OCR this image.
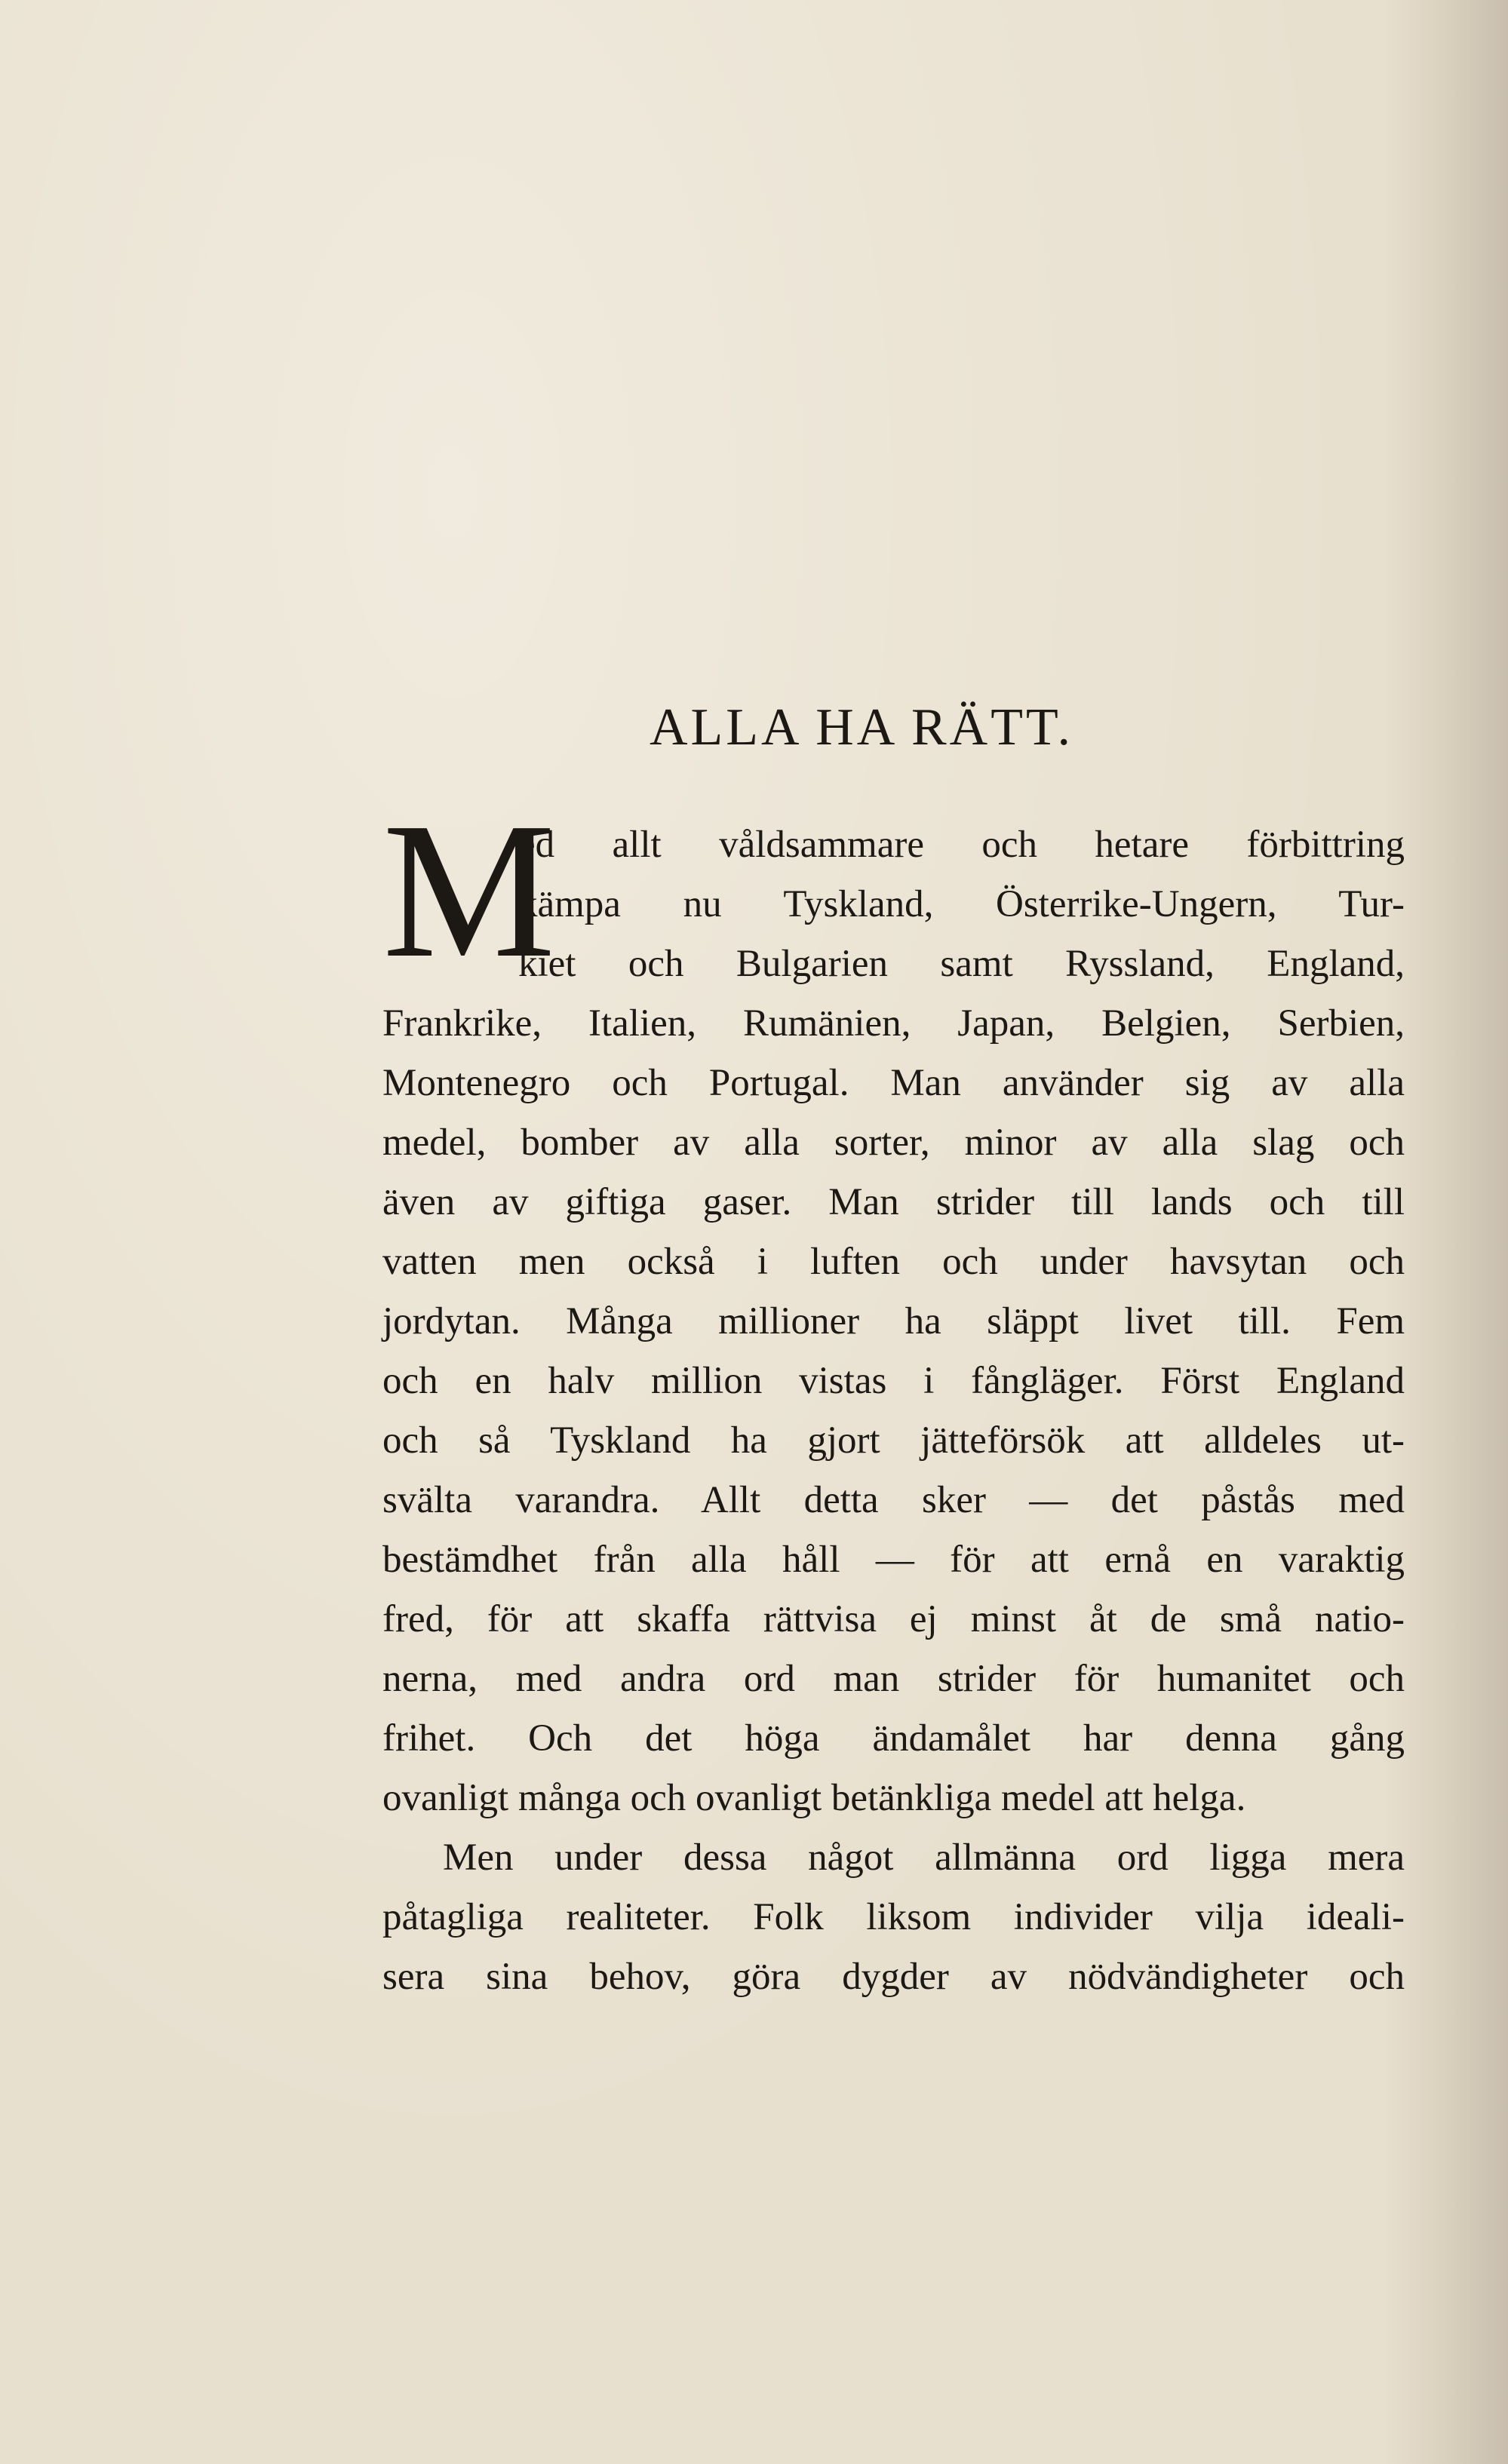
ALLA HA RÄTT.
M
ed allt våldsammare och hetare förbittring
kämpa nu Tyskland, Österrike-Ungern, Tur-
kiet och Bulgarien samt Ryssland, England,
Frankrike, Italien, Rumänien, Japan, Belgien, Serbien,
Montenegro och Portugal. Man använder sig av alla
medel, bomber av alla sorter, minor av alla slag och
även av giftiga gaser. Man strider till lands och till
vatten men också i luften och under havsytan och
jordytan. Många millioner ha släppt livet till. Fem
och en halv million vistas i fångläger. Först England
och så Tyskland ha gjort jätteförsök att alldeles ut-
svälta varandra. Allt detta sker — det påstås med
bestämdhet från alla håll — för att ernå en varaktig
fred, för att skaffa rättvisa ej minst åt de små natio-
nerna, med andra ord man strider för humanitet och
frihet. Och det höga ändamålet har denna gång
ovanligt många och ovanligt betänkliga medel att helga.
Men under dessa något allmänna ord ligga mera
påtagliga realiteter. Folk liksom individer vilja ideali-
sera sina behov, göra dygder av nödvändigheter och
